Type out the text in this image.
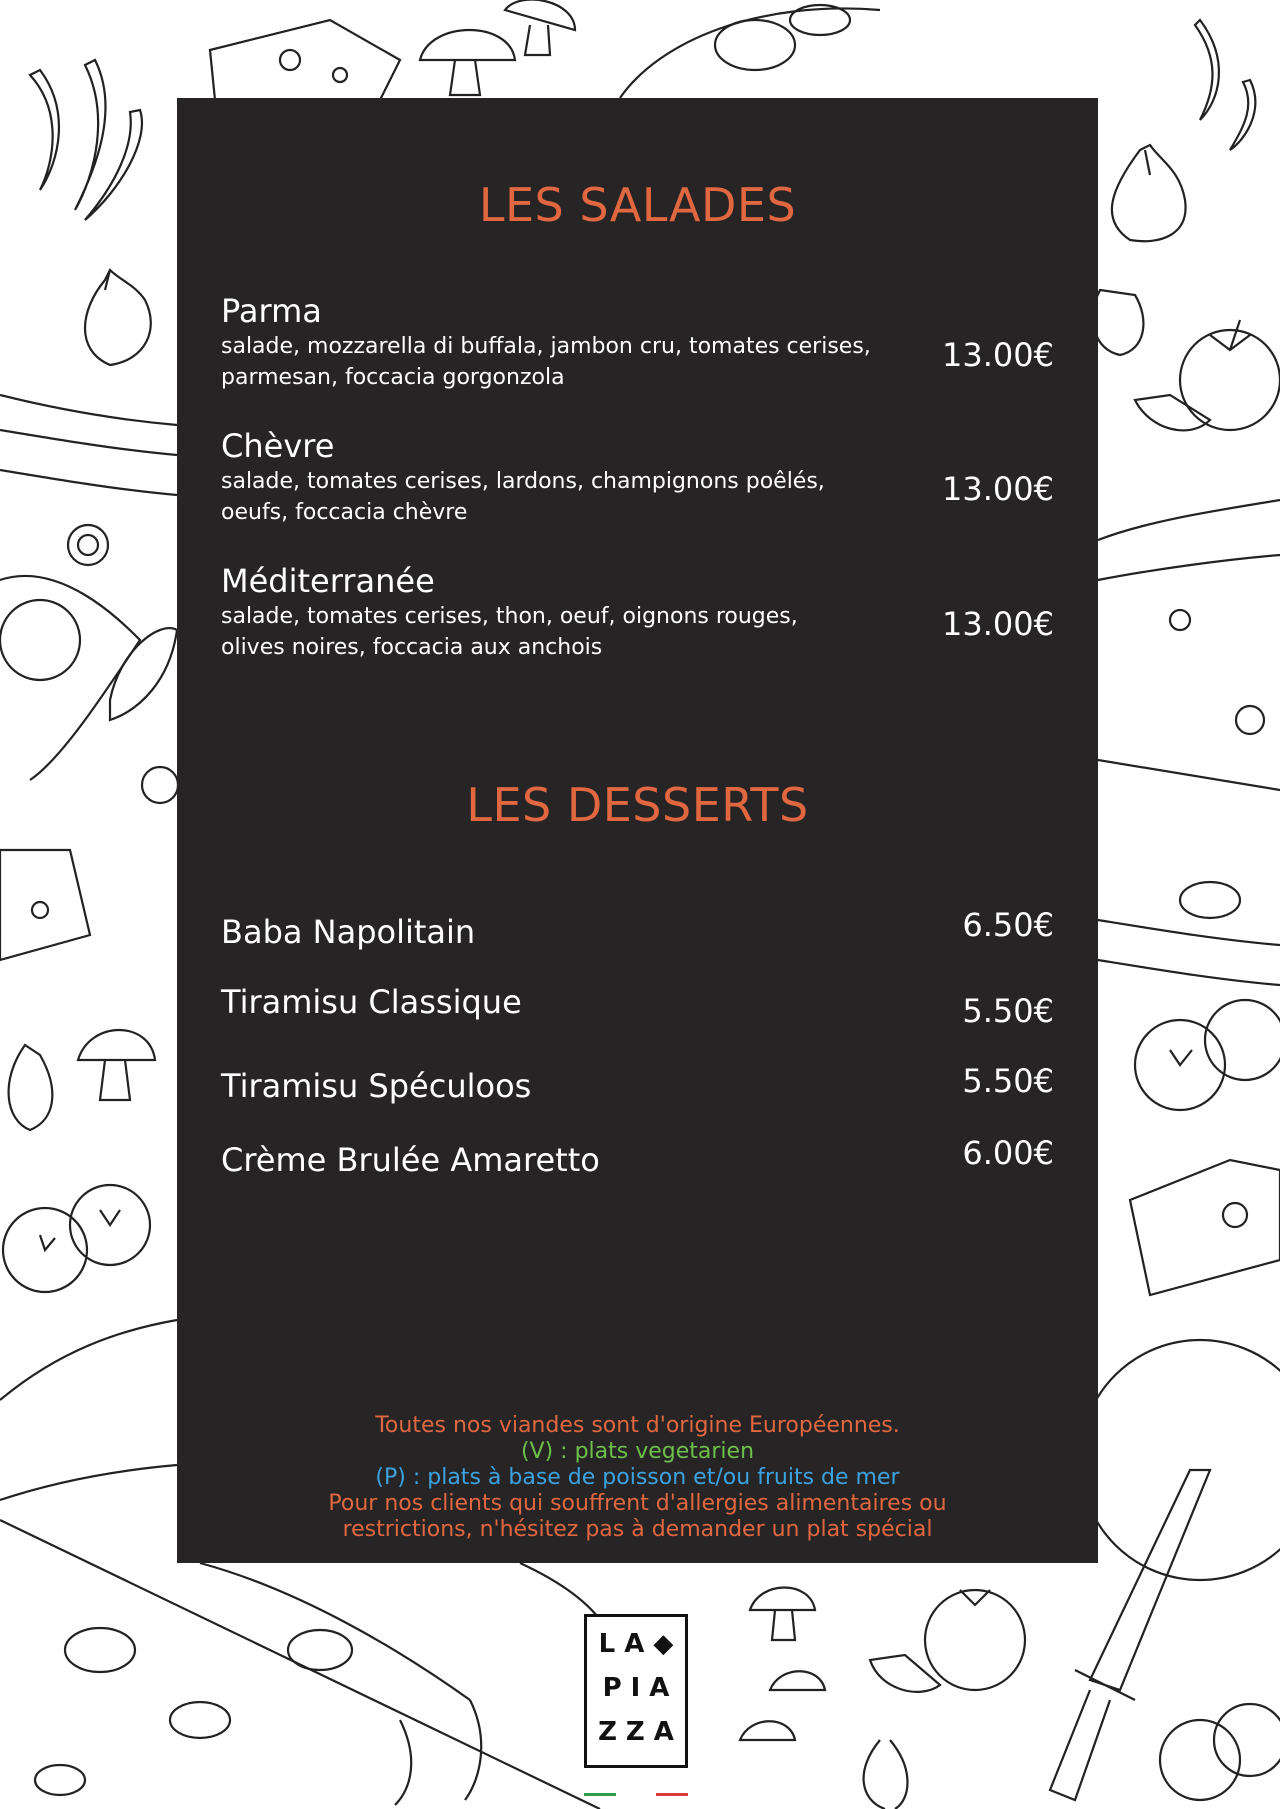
LES SALADES
Parma
salade, mozzarella di buffala, jambon cru, tomates cerises,
parmesan, foccacia gorgonzola
13.00€
Chèvre
salade, tomates cerises, lardons, champignons poêlés,
oeufs, foccacia chèvre
13.00€
Méditerranée
salade, tomates cerises, thon, oeuf, oignons rouges,
olives noires, foccacia aux anchois
13.00€
LES DESSERTS
Baba Napolitain	6.50€
Tiramisu Classique	5.50€
Tiramisu Spéculoos	5.50€
Crème Brulée Amaretto	6.00€
Toutes nos viandes sont d'origine Européennes.
(V) : plats vegetarien
(P) : plats à base de poisson et/ou fruits de mer
Pour nos clients qui souffrent d'allergies alimentaires ou
restrictions, n'hésitez pas à demander un plat spécial
LA◆
PIA
ZZA
